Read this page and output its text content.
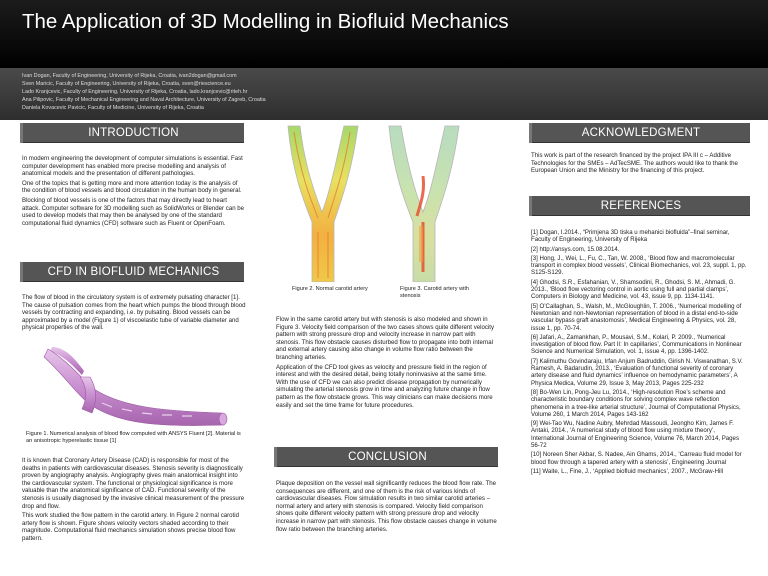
The Application of 3D Modelling in Biofluid Mechanics
Ivan Dogan, Faculty of Engineering, University of Rijeka, Croatia, ivan2dogan@gmail.com
Sven Maricic, Faculty of Engineering, University of Rijeka, Croatia, sven@riescience.eu
Lado Kranjcevic, Faculty of Engineering, University of Rijeka, Croatia, lado.kranjcevic@riteh.hr
Ana Pilipovic, Faculty of Mechanical Engineering and Naval Architecture, University of Zagreb, Croatia
Daniela Kovacevic Pavicic, Faculty of Medicine, University of Rijeka, Croatia
INTRODUCTION

In modern engineering the development of computer simulations is essential. Fast computer development has enabled more precise modelling and analysis of anatomical models and the presentation of different pathologies.

One of the topics that is getting more and more attention today is the analysis of the condition of blood vessels and blood circulation in the human body in general.

Blocking of blood vessels is one of the factors that may directly lead to heart attack. Computer software for 3D modelling such as SolidWorks or Blender can be used to develop models that may then be analysed by one of the standard computational fluid dynamics (CFD) software such as Fluent or OpenFoam.

CFD IN BIOFLUID MECHANICS
The flow of blood in the circulatory system is of extremely pulsating character [1]. The cause of pulsation comes from the heart which pumps the blood through blood vessels by contracting and expanding, i.e. by pulsating. Blood vessels can be approximated by a model (Figure 1) of viscoelastic tube of variable diameter and physical properties of the wall.
Figure 1. Numerical analysis of blood flow computed with ANSYS Fluent [2]. Material is an anisotropic hyperelastic tissue [1]

It is known that Coronary Artery Disease (CAD) is responsible for most of the deaths in patients with cardiovascular diseases. Stenosis severity is diagnostically proven by angiography analysis. Angiography gives main anatomical insight into the cardiovascular system. The functional or physiological significance is more valuable than the anatomical significance of CAD. Functional severity of the stenosis is usually diagnosed by the invasive clinical measurement of the pressure drop and flow.

This work studied the flow pattern in the carotid artery. In Figure 2 normal carotid artery flow is shown. Figure shows velocity vectors shaded according to their magnitude. Computational fluid mechanics simulation shows precise blood flow pattern.

Figure 2. Normal carotid artery	Figure 3. Carotid artery with stenosis

Flow in the same carotid artery but with stenosis is also modeled and shown in Figure 3. Velocity field comparison of the two cases shows quite different velocity pattern with strong pressure drop and velocity increase in narrow part with stenosis. This flow obstacle causes disturbed flow to propagate into both internal and external artery causing also change in volume flow ratio between the branching arteries.

Application of the CFD tool gives as velocity and pressure field in the region of interest and with the desired detail, being totally noninvasive at the same time. With the use of CFD we can also predict disease propagation by numerically simulating the arterial stenosis grow in time and analyzing future change in flow pattern as the flow obstacle grows. This way clinicians can make decisions more easily and set the time frame for future procedures.

CONCLUSION
Plaque deposition on the vessel wall significantly reduces the blood flow rate. The consequences are different, and one of them is the risk of various kinds of cardiovascular diseases. Flow simulation results in two similar carotid arteries – normal artery and artery with stenosis is compared. Velocity field comparison shows quite different velocity pattern with strong pressure drop and velocity increase in narrow part with stenosis. This flow obstacle causes change in volume flow ratio between the branching arteries.
ACKNOWLEDGMENT
This work is part of the research financed by the project IPA III c – Additive Technologies for the SMEs – AdTecSME. The authors would like to thank the European Union and the Ministry for the financing of this project.
REFERENCES

[1] Dogan, I.2014., “Primjena 3D tiska u mehanici biofluida”–final seminar, Faculty of Engineering, University of Rijeka

[2] http://ansys.com, 15.08.2014.

[3] Hong, J., Wei, L., Fu, C., Tan, W. 2008., ‘Blood flow and macromolecular transport in complex blood vessels’, Clinical Biomechanics, vol. 23, suppl. 1, pp. S125-S129.

[4] Ghodsi, S.R., Esfahanian, V., Shamsodini, R., Ghodsi, S. M., Ahmadi, G. 2013., ‘Blood flow vectoring control in aortic using full and partial clamps’, Computers in Biology and Medicine, vol. 43, issue 9, pp. 1134-1141.

[5] O’Callaghan, S., Walsh, M., McGloughlin, T. 2006., ‘Numerical modelling of Newtonian and non-Newtonian representation of blood in a distal end-to-side vascular bypass graft anastomosis’, Medical Engineering & Physics, vol. 28, issue 1, pp. 70-74.

[6] Jafari, A., Zamankhan, P., Mousavi, S.M., Kolari, P. 2009., ‘Numerical investigation of blood flow. Part II: In capillaries’, Communications in Nonlinear Science and Numerical Simulation, vol. 1, issue 4, pp. 1396-1402.

[7] Kalimuthu Govindaraju, Irfan Anjum Badruddin, Girish N. Viswanathan, S.V. Ramesh, A. Badarudin, 2013., ‘Evaluation of functional severity of coronary artery disease and fluid dynamics’ influence on hemodynamic parameters’, A Physica Medica, Volume 29, Issue 3, May 2013, Pages 225-232

[8] Bo-Wen Lin, Pong-Jeu Lu, 2014., ‘High-resolution Roe’s scheme and characteristic boundary conditions for solving complex wave reflection phenomena in a tree-like arterial structure’, Journal of Computational Physics, Volume 260, 1 March 2014, Pages 143-162

[9] Wei-Tao Wu, Nadine Aubry, Mehrdad Massoudi, Jeongho Kim, James F. Antaki, 2014., ‘A numerical study of blood flow using mixture theory’, International Journal of Engineering Science, Volume 76, March 2014, Pages 56-72

[10] Noreen Sher Akbar, S. Nadee, Ain Ghams, 2014., ‘Carreau fluid model for blood flow through a tapered artery with a stenosis’, Engineering Journal

[11] Waite, L., Fine, J., ‘Applied biofluid mechanics’, 2007., McGraw-Hill
